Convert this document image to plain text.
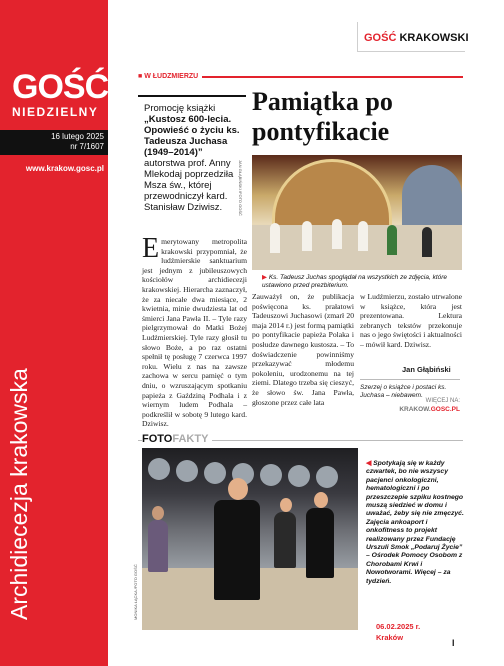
GOŚĆ
NIEDZIELNY
16 lutego 2025
nr 7/1607
www.krakow.gosc.pl
Archidiecezja krakowska
GOŚĆ KRAKOWSKI
■ W ŁUDZMIERZU
Promocję książki „Kustosz 600-lecia. Opowieść o życiu ks. Tadeusza Juchasa (1949–2014)” autorstwa prof. Anny Mlekodaj poprzedziła Msza św., której przewodniczył kard. Stanisław Dziwisz.
Pamiątka po pontyfikacie
JAN GŁĄBIŃSKI /FOTO GOŚĆ
▶ Ks. Tadeusz Juchas spoglądał na wszystkich ze zdjęcia, które ustawiono przed prezbiterium.
Emerytowany metropolita krakowski przypomniał, że ludźmierskie sanktuarium jest jednym z jubileuszowych kościołów archidiecezji krakowskiej. Hierarcha zaznaczył, że za niecałe dwa miesiące, 2 kwietnia, minie dwudziesta lat od śmierci Jana Pawła II. – Tyle razy pielgrzymował do Matki Bożej Ludźmierskiej. Tyle razy głosił tu słowo Boże, a po raz ostatni spełnił tę posługę 7 czerwca 1997 roku. Wielu z nas na zawsze zachowa w sercu pamięć o tym dniu, o wzruszającym spotkaniu papieża z Gaździną Podhala i z wiernym ludem Podhala – podkreślił w sobotę 9 lutego kard. Dziwisz.
Zauważył on, że publikacja poświęcona ks. prałatowi Tadeuszowi Juchasowi (zmarł 20 maja 2014 r.) jest formą pamiątki po pontyfikacie papieża Polaka i posłudze dawnego kustosza. – To doświadczenie powinniśmy przekazywać młodemu pokoleniu, urodzonemu na tej ziemi. Dlatego trzeba się cieszyć, że słowo św. Jana Pawła, głoszone przez całe lata
w Ludźmierzu, zostało utrwalone w książce, która jest prezentowana. Lektura zebranych tekstów przekonuje nas o jego świętości i aktualności – mówił kard. Dziwisz.
Jan Głąbiński
Szerzej o książce i postaci ks. Juchasa – niebawem.
WIĘCEJ NA:
KRAKOW.GOSC.PL
FOTOFAKTY
MONIKA ŁĄCKA /FOTO GOŚĆ
◀ Spotykają się w każdy czwartek, bo nie wszyscy pacjenci onkologiczni, hematologiczni i po przeszczepie szpiku kostnego muszą siedzieć w domu i uważać, żeby się nie zmęczyć. Zajęcia ankoaport i onkofitness to projekt realizowany przez Fundację Urszuli Smok „Podaruj Życie” – Ośrodek Pomocy Osobom z Chorobami Krwi i Nowotworami. Więcej – za tydzień.
06.02.2025 r.
Kraków
I
